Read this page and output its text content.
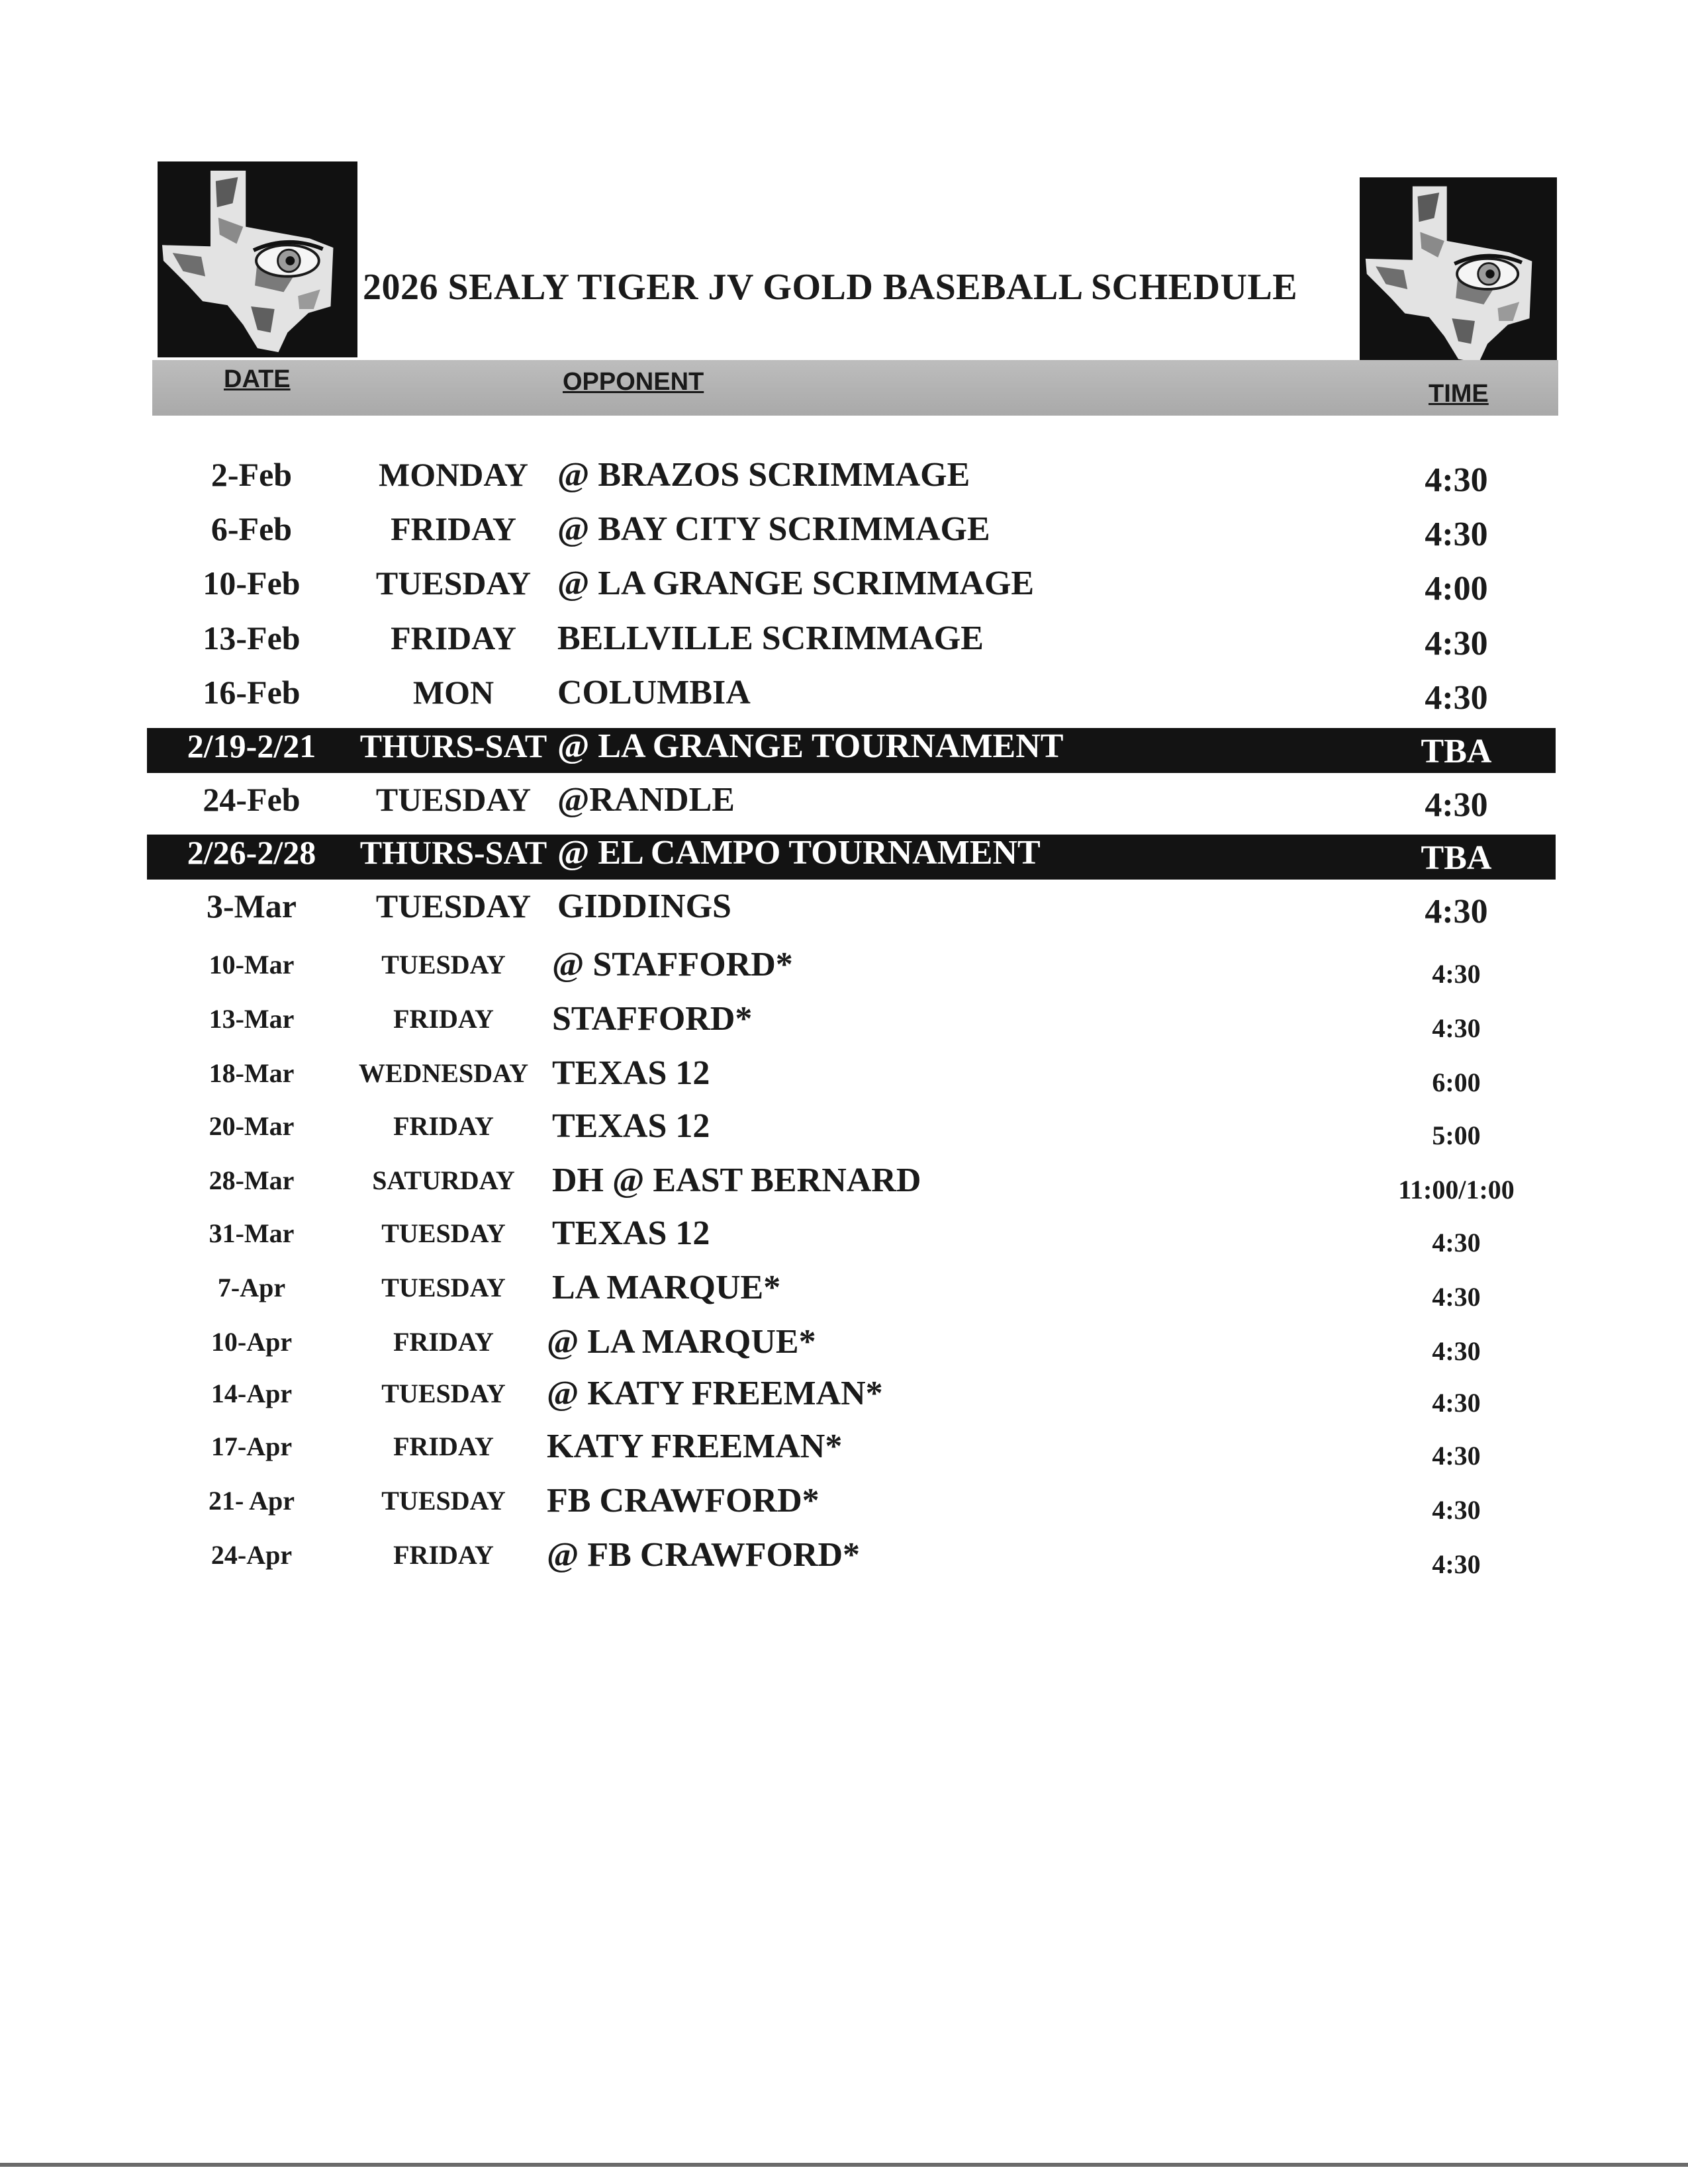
2026 SEALY TIGER JV GOLD BASEBALL SCHEDULE
DATE	OPPONENT	TIME
2-Feb	MONDAY @ BRAZOS SCRIMMAGE	4:30
6-Feb	FRIDAY	@ BAY CITY SCRIMMAGE	4:30
10-Feb	TUESDAY @ LA GRANGE SCRIMMAGE	4:00
13-Feb	FRIDAY	BELLVILLE SCRIMMAGE	4:30
16-Feb	MON	COLUMBIA	4:30
2/19-2/21	THURS-SAT @ LA GRANGE TOURNAMENT	TBA
24-Feb	TUESDAY @RANDLE	4:30
2/26-2/28	THURS-SAT @ EL CAMPO TOURNAMENT	TBA
3-Mar	TUESDAY GIDDINGS	4:30
10-Mar	TUESDAY	@ STAFFORD*	4:30
13-Mar	FRIDAY	STAFFORD*	4:30
18-Mar	WEDNESDAY TEXAS 12	6:00
20-Mar	FRIDAY	TEXAS 12	5:00
28-Mar	SATURDAY	DH @ EAST BERNARD	11:00/1:00
31-Mar	TUESDAY	TEXAS 12	4:30
7-Apr	TUESDAY	LA MARQUE*	4:30
10-Apr	FRIDAY	@ LA MARQUE*	4:30
14-Apr	TUESDAY	@ KATY FREEMAN*	4:30
17-Apr	FRIDAY	KATY FREEMAN*	4:30
21- Apr	TUESDAY	FB CRAWFORD*	4:30
24-Apr	FRIDAY	@ FB CRAWFORD*	4:30
